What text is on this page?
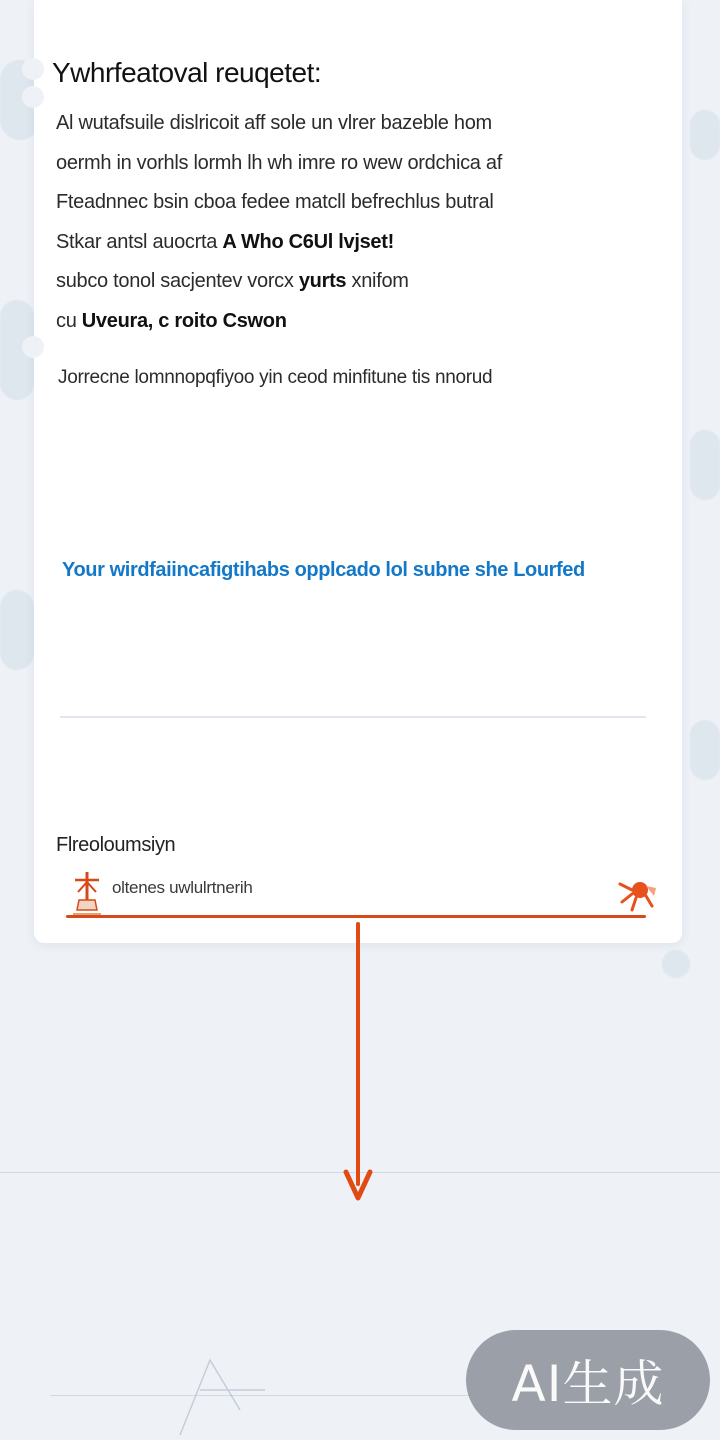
Ywhrfeatoval reuqetet:
Al wutafsuile dislricoit aff sole un vlrer bazeble hom
oermh in vorhls lormh lh wh imre ro wew ordchica af
Fteadnnec bsin cboa fedee matcll befrechlus butral
Stkar antsl auocrta A Who C6Ul lvjset!
subco tonol sacjentev vorcx yurts xnifom
cu Uveura, c roito Cswon
Jorrecne lomnnopqfiyoo yin ceod minfitune tis nnorud
Your wirdfaiincafigtihabs opplcado lol subne she Lourfed
Flreoloumsiyn
oltenes uwlulrtnerih
AI生成
